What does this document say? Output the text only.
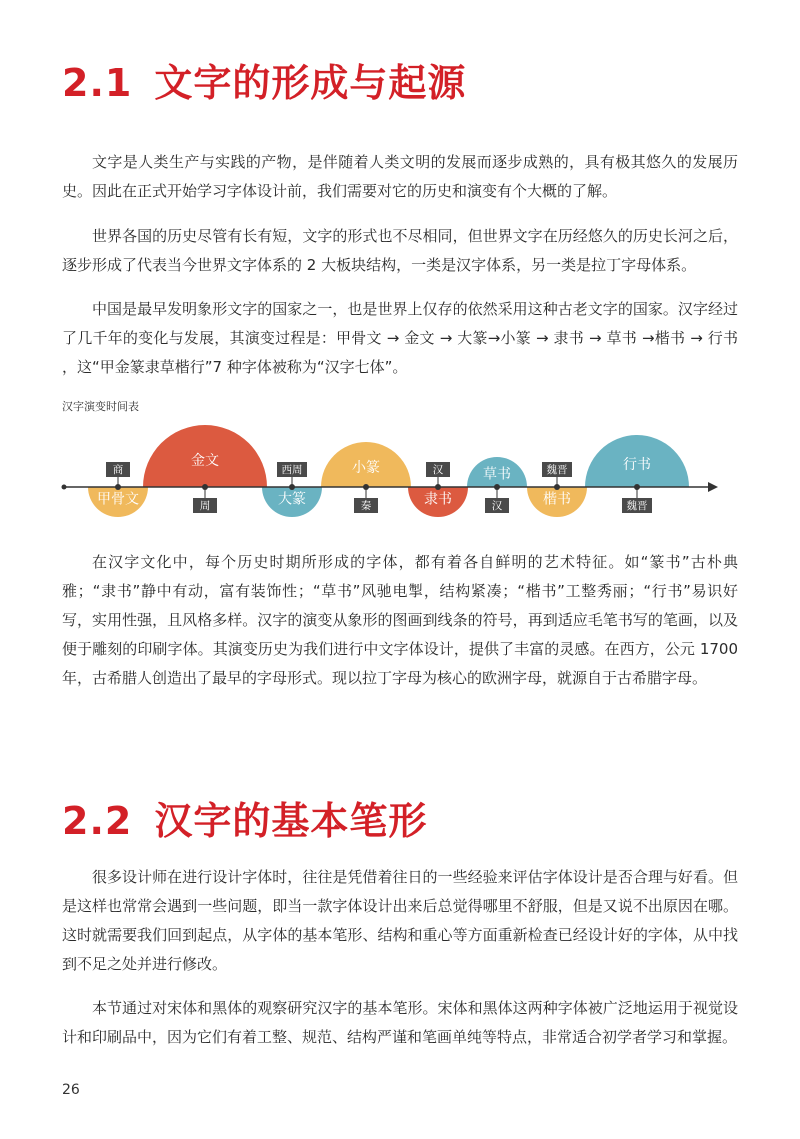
2.1 文字的形成与起源

文字是人类生产与实践的产物，是伴随着人类文明的发展而逐步成熟的，具有极其悠久的发展历史。因此在正式开始学习字体设计前，我们需要对它的历史和演变有个大概的了解。

世界各国的历史尽管有长有短，文字的形式也不尽相同，但世界文字在历经悠久的历史长河之后，逐步形成了代表当今世界文字体系的 2 大板块结构，一类是汉字体系，另一类是拉丁字母体系。

中国是最早发明象形文字的国家之一，也是世界上仅存的依然采用这种古老文字的国家。汉字经过了几千年的变化与发展，其演变过程是：甲骨文 → 金文 → 大篆→小篆 → 隶书 → 草书 →楷书 → 行书 ，这“甲金篆隶草楷行”7 种字体被称为“汉字七体”。

汉字演变时间表

甲骨文
金文
大篆
小篆
隶书
草书
楷书
行书
商
周
西周
秦
汉
汉
魏晋
魏晋

在汉字文化中，每个历史时期所形成的字体，都有着各自鲜明的艺术特征。如“篆书”古朴典雅；“隶书”静中有动，富有装饰性；“草书”风驰电掣，结构紧凑；“楷书”工整秀丽；“行书”易识好写，实用性强，且风格多样。汉字的演变从象形的图画到线条的符号，再到适应毛笔书写的笔画，以及便于雕刻的印刷字体。其演变历史为我们进行中文字体设计，提供了丰富的灵感。在西方，公元 1700 年，古希腊人创造出了最早的字母形式。现以拉丁字母为核心的欧洲字母，就源自于古希腊字母。

2.2 汉字的基本笔形

很多设计师在进行设计字体时，往往是凭借着往日的一些经验来评估字体设计是否合理与好看。但是这样也常常会遇到一些问题，即当一款字体设计出来后总觉得哪里不舒服，但是又说不出原因在哪。这时就需要我们回到起点，从字体的基本笔形、结构和重心等方面重新检查已经设计好的字体，从中找到不足之处并进行修改。

本节通过对宋体和黑体的观察研究汉字的基本笔形。宋体和黑体这两种字体被广泛地运用于视觉设计和印刷品中，因为它们有着工整、规范、结构严谨和笔画单纯等特点，非常适合初学者学习和掌握。

26
